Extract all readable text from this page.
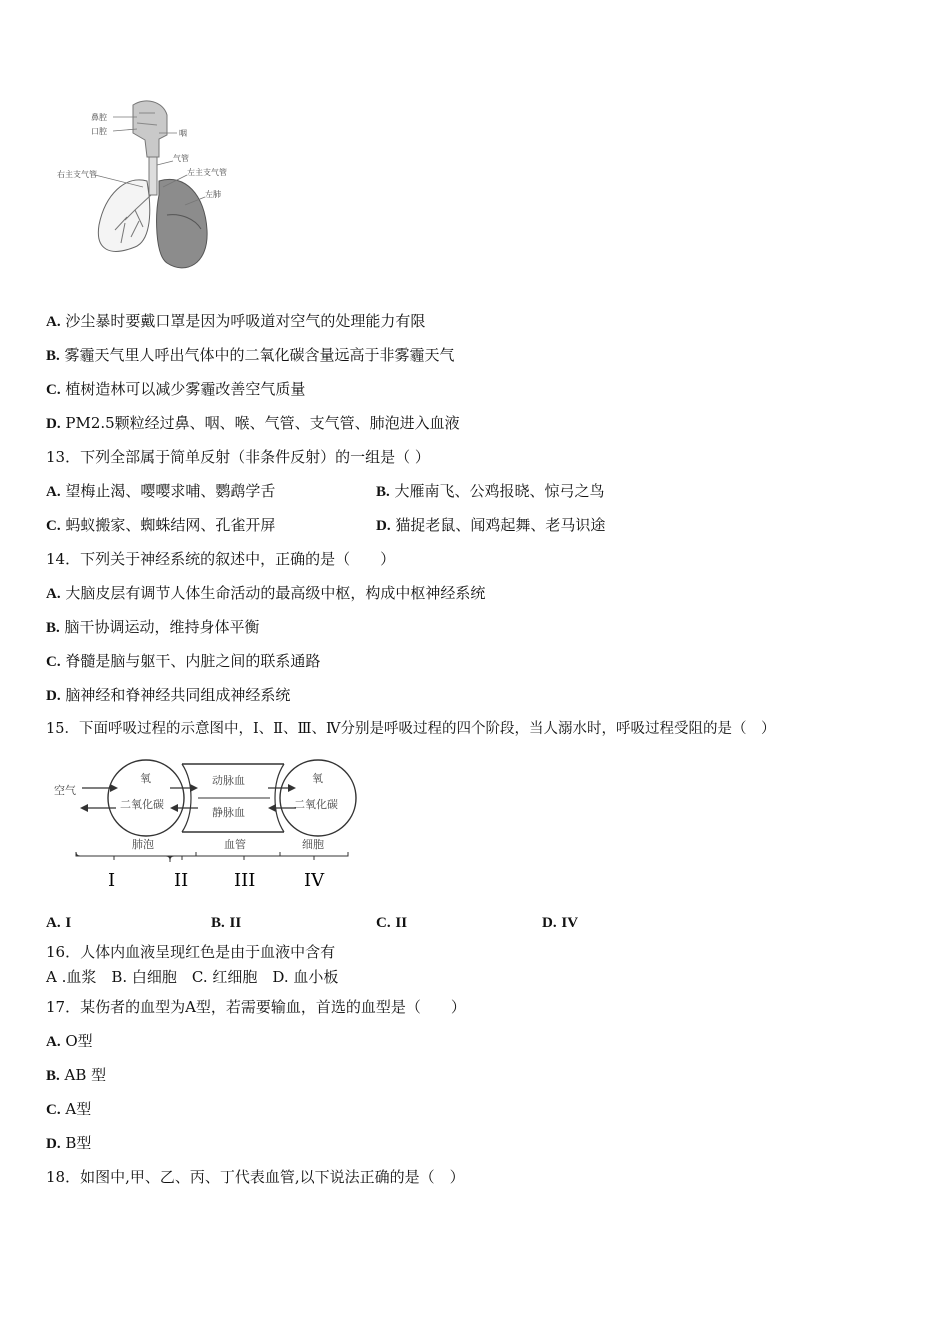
鼻腔
口腔	咽
气管
右主支气管	左主支气管
左肺
A. 沙尘暴时要戴口罩是因为呼吸道对空气的处理能力有限
B. 雾霾天气里人呼出气体中的二氧化碳含量远高于非雾霾天气
C. 植树造林可以减少雾霾改善空气质量
D. PM2.5颗粒经过鼻、咽、喉、气管、支气管、肺泡进入血液
13．下列全部属于简单反射（非条件反射）的一组是（ ）
A. 望梅止渴、嘤嘤求哺、鹦鹉学舌	B. 大雁南飞、公鸡报晓、惊弓之鸟
C. 蚂蚁搬家、蜘蛛结网、孔雀开屏	D. 猫捉老鼠、闻鸡起舞、老马识途
14．下列关于神经系统的叙述中，正确的是（　　）
A. 大脑皮层有调节人体生命活动的最高级中枢，构成中枢神经系统
B. 脑干协调运动，维持身体平衡
C. 脊髓是脑与躯干、内脏之间的联系通路
D. 脑神经和脊神经共同组成神经系统
15．下面呼吸过程的示意图中，Ⅰ、Ⅱ、Ⅲ、Ⅳ分别是呼吸过程的四个阶段，当人溺水时，呼吸过程受阻的是（　）
空气
氧
二氧化碳
动脉血
静脉血
氧
二氧化碳
肺泡	血管	细胞
I	II	III	IV
A. I	B. II	C. II	D. IV
16．人体内血液呈现红色是由于血液中含有
A .血浆　B. 白细胞　C. 红细胞　D. 血小板
17．某伤者的血型为A型，若需要输血，首选的血型是（　　）
A. O型
B. AB 型
C. A型
D. B型
18．如图中,甲、乙、丙、丁代表血管,以下说法正确的是（　）
